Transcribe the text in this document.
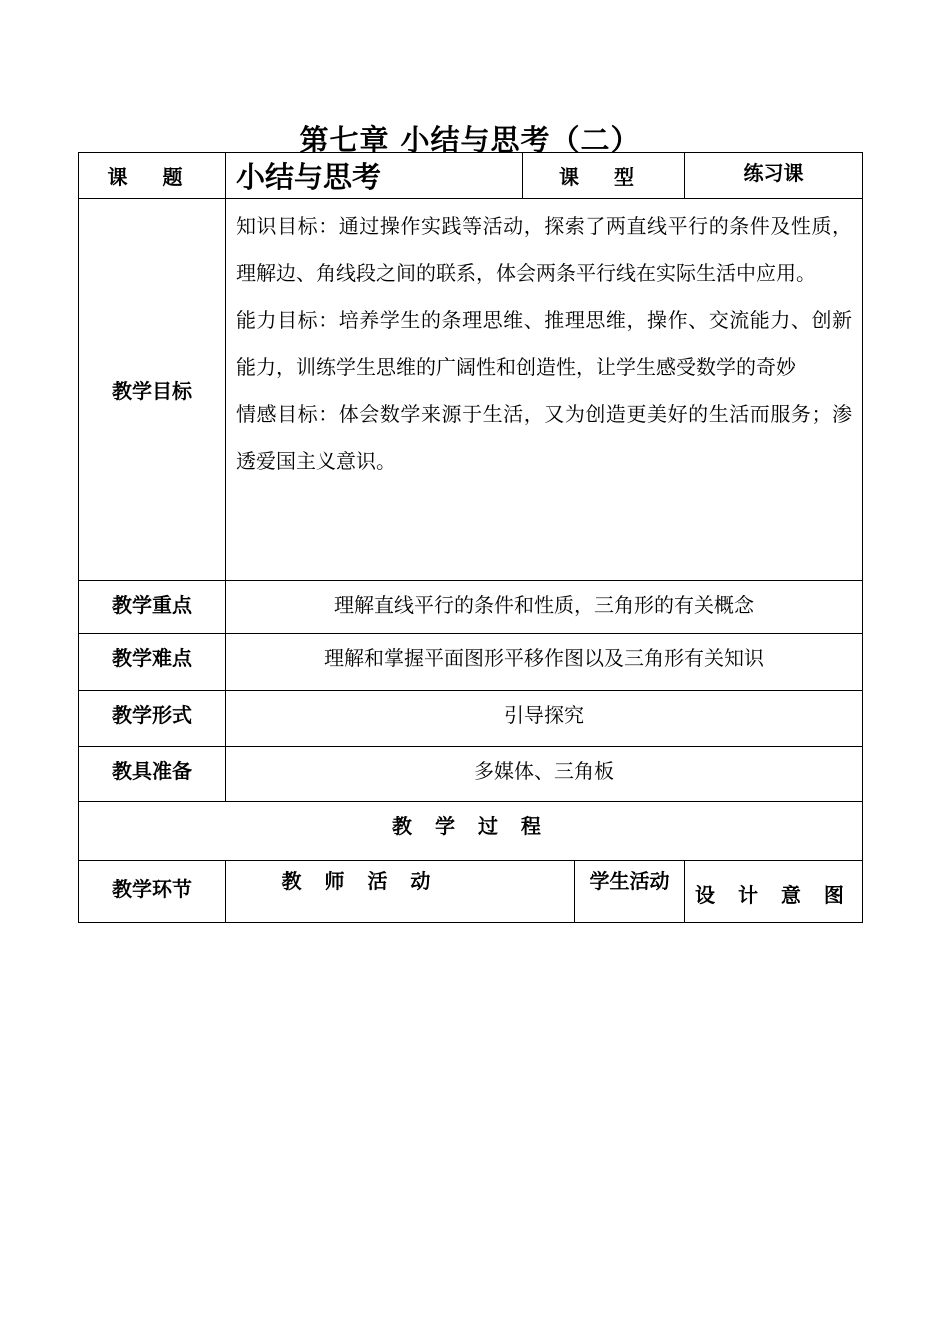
第七章 小结与思考（二）
课 题	小结与思考	课 型		练习课
教学目标	知识目标：通过操作实践等活动，探索了两直线平行的条件及性质，理解边、角线段之间的联系，体会两条平行线在实际生活中应用。

能力目标：培养学生的条理思维、推理思维，操作、交流能力、创新能力，训练学生思维的广阔性和创造性，让学生感受数学的奇妙

情感目标：体会数学来源于生活，又为创造更美好的生活而服务；渗透爱国主义意识。			

教学重点	理解直线平行的条件和性质，三角形的有关概念			
教学难点	理解和掌握平面图形平移作图以及三角形有关知识			
教学形式	引导探究			
教具准备	多媒体、三角板			
教 学 过 程				
教学环节	教 师 活 动		学生活动	设 计 意 图
